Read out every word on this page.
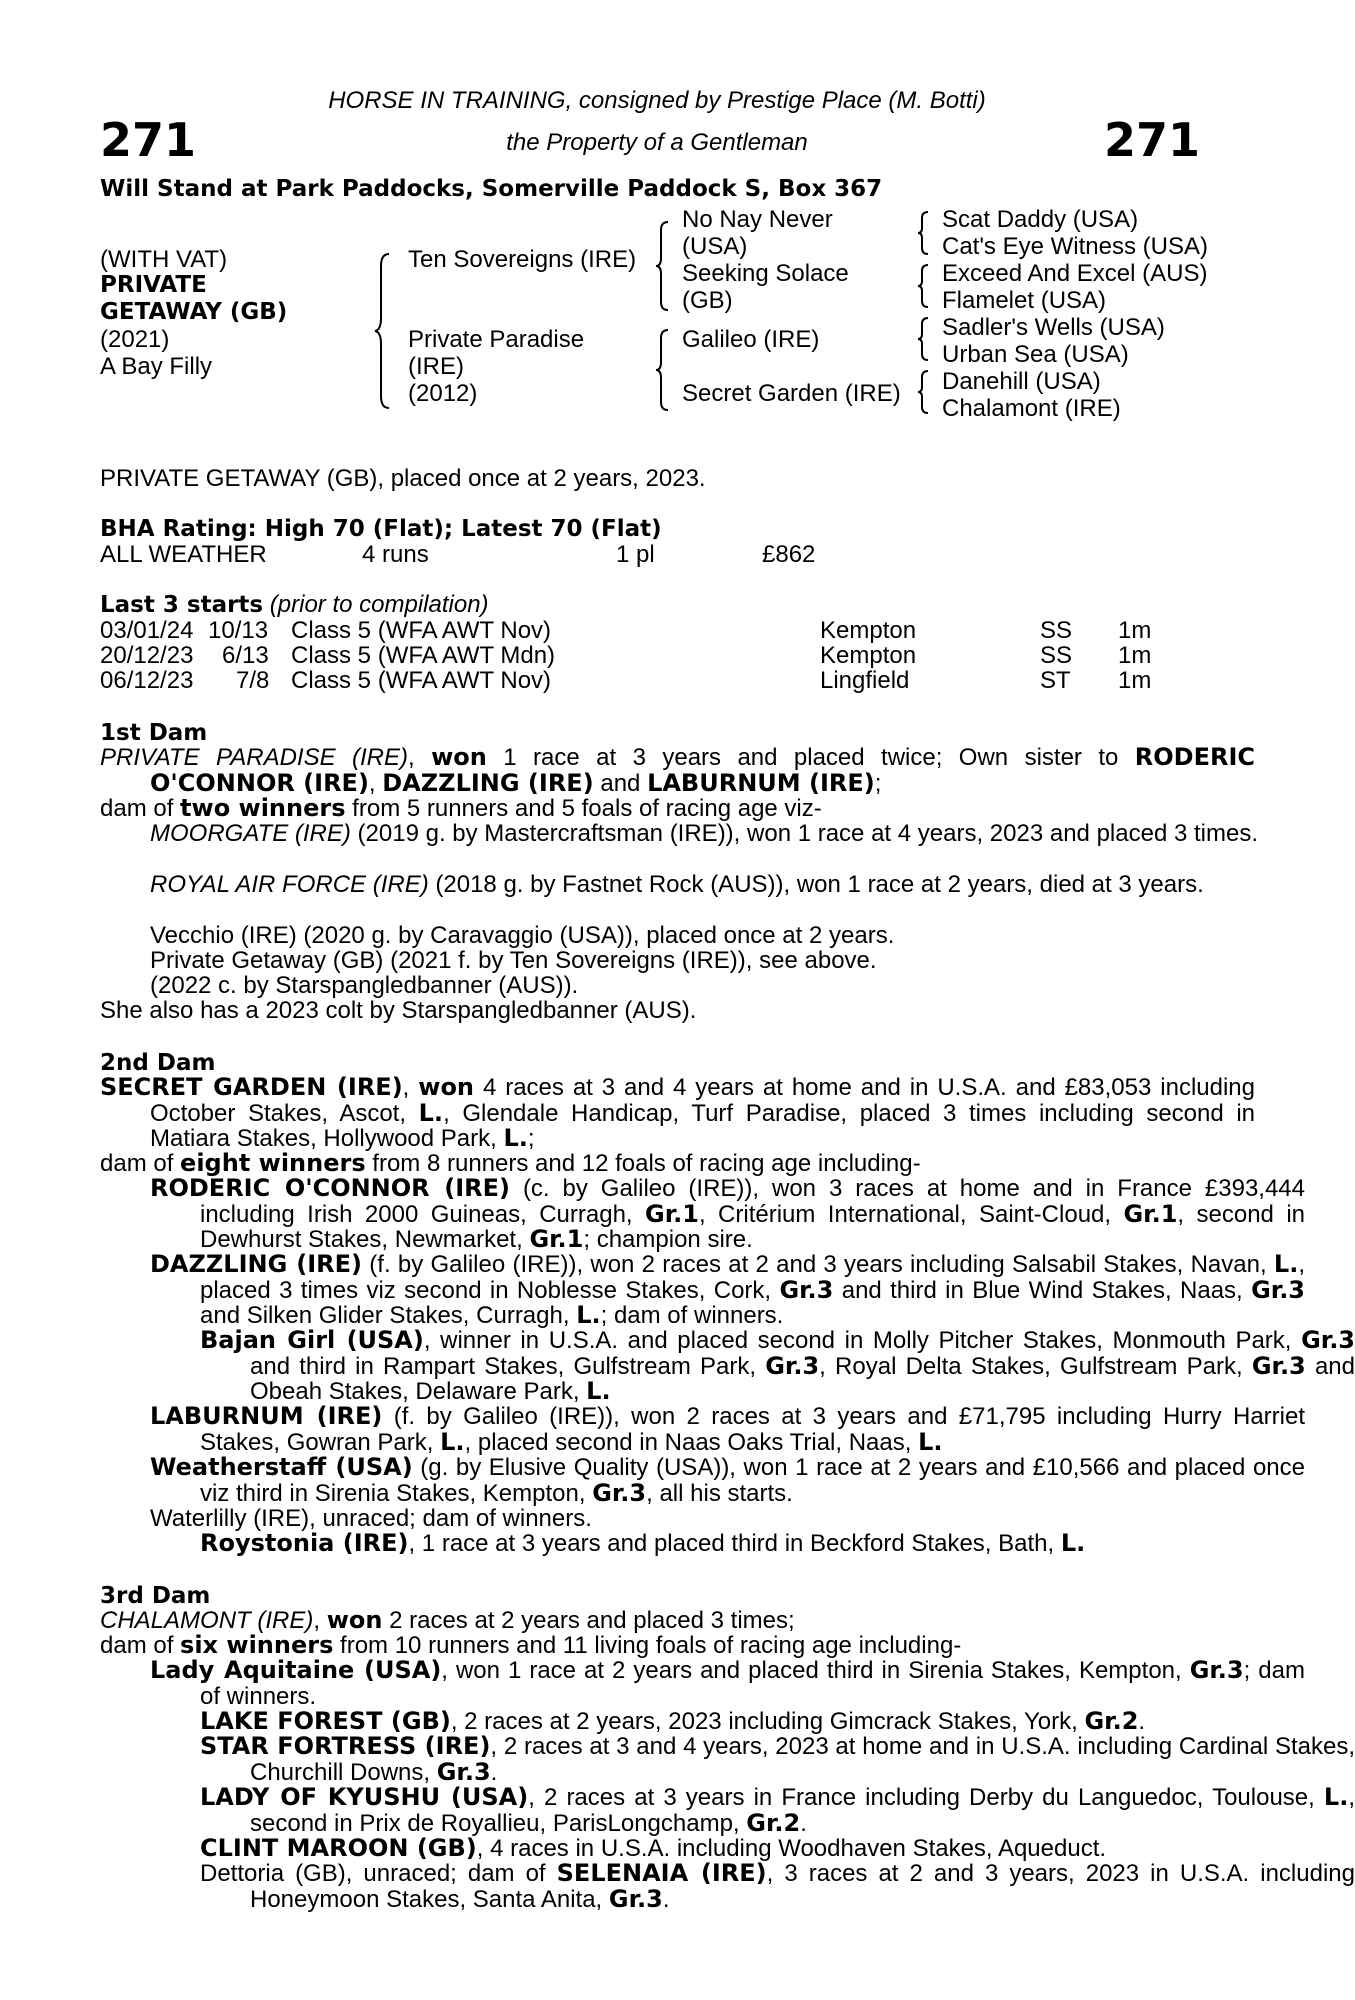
271	271
HORSE IN TRAINING, consigned by Prestige Place (M. Botti)
the Property of a Gentleman
Will Stand at Park Paddocks, Somerville Paddock S, Box 367
(WITH VAT)
PRIVATE
GETAWAY (GB)
(2021)
A Bay Filly
Ten Sovereigns (IRE)
Private Paradise
(IRE)
(2012)
No Nay Never
(USA)
Seeking Solace
(GB)
Galileo (IRE)
Secret Garden (IRE)
Scat Daddy (USA)
Cat's Eye Witness (USA)
Exceed And Excel (AUS)
Flamelet (USA)
Sadler's Wells (USA)
Urban Sea (USA)
Danehill (USA)
Chalamont (IRE)
PRIVATE GETAWAY (GB), placed once at 2 years, 2023.
BHA Rating: High 70 (Flat); Latest 70 (Flat)
ALL WEATHER	4 runs	1 pl	£862
Last 3 starts (prior to compilation)
03/01/24 10/13 Class 5 (WFA AWT Nov)	Kempton	SS 1m
20/12/23 6/13 Class 5 (WFA AWT Mdn)	Kempton	SS 1m
06/12/23 7/8 Class 5 (WFA AWT Nov)	Lingfield	ST 1m
1st Dam
PRIVATE PARADISE (IRE), won 1 race at 3 years and placed twice; Own sister to RODERIC O'CONNOR (IRE), DAZZLING (IRE) and LABURNUM (IRE);
dam of two winners from 5 runners and 5 foals of racing age viz-
MOORGATE (IRE) (2019 g. by Mastercraftsman (IRE)), won 1 race at 4 years, 2023 and placed 3 times.
ROYAL AIR FORCE (IRE) (2018 g. by Fastnet Rock (AUS)), won 1 race at 2 years, died at 3 years.
Vecchio (IRE) (2020 g. by Caravaggio (USA)), placed once at 2 years.
Private Getaway (GB) (2021 f. by Ten Sovereigns (IRE)), see above.
(2022 c. by Starspangledbanner (AUS)).
She also has a 2023 colt by Starspangledbanner (AUS).
2nd Dam
SECRET GARDEN (IRE), won 4 races at 3 and 4 years at home and in U.S.A. and £83,053 including October Stakes, Ascot, L., Glendale Handicap, Turf Paradise, placed 3 times including second in Matiara Stakes, Hollywood Park, L.;
dam of eight winners from 8 runners and 12 foals of racing age including-
RODERIC O'CONNOR (IRE) (c. by Galileo (IRE)), won 3 races at home and in France £393,444 including Irish 2000 Guineas, Curragh, Gr.1, Critérium International, Saint-Cloud, Gr.1, second in Dewhurst Stakes, Newmarket, Gr.1; champion sire.
DAZZLING (IRE) (f. by Galileo (IRE)), won 2 races at 2 and 3 years including Salsabil Stakes, Navan, L., placed 3 times viz second in Noblesse Stakes, Cork, Gr.3 and third in Blue Wind Stakes, Naas, Gr.3 and Silken Glider Stakes, Curragh, L.; dam of winners.
Bajan Girl (USA), winner in U.S.A. and placed second in Molly Pitcher Stakes, Monmouth Park, Gr.3 and third in Rampart Stakes, Gulfstream Park, Gr.3, Royal Delta Stakes, Gulfstream Park, Gr.3 and Obeah Stakes, Delaware Park, L.
LABURNUM (IRE) (f. by Galileo (IRE)), won 2 races at 3 years and £71,795 including Hurry Harriet Stakes, Gowran Park, L., placed second in Naas Oaks Trial, Naas, L.
Weatherstaff (USA) (g. by Elusive Quality (USA)), won 1 race at 2 years and £10,566 and placed once viz third in Sirenia Stakes, Kempton, Gr.3, all his starts.
Waterlilly (IRE), unraced; dam of winners.
Roystonia (IRE), 1 race at 3 years and placed third in Beckford Stakes, Bath, L.
3rd Dam
CHALAMONT (IRE), won 2 races at 2 years and placed 3 times;
dam of six winners from 10 runners and 11 living foals of racing age including-
Lady Aquitaine (USA), won 1 race at 2 years and placed third in Sirenia Stakes, Kempton, Gr.3; dam of winners.
LAKE FOREST (GB), 2 races at 2 years, 2023 including Gimcrack Stakes, York, Gr.2.
STAR FORTRESS (IRE), 2 races at 3 and 4 years, 2023 at home and in U.S.A. including Cardinal Stakes, Churchill Downs, Gr.3.
LADY OF KYUSHU (USA), 2 races at 3 years in France including Derby du Languedoc, Toulouse, L., second in Prix de Royallieu, ParisLongchamp, Gr.2.
CLINT MAROON (GB), 4 races in U.S.A. including Woodhaven Stakes, Aqueduct.
Dettoria (GB), unraced; dam of SELENAIA (IRE), 3 races at 2 and 3 years, 2023 in U.S.A. including Honeymoon Stakes, Santa Anita, Gr.3.
